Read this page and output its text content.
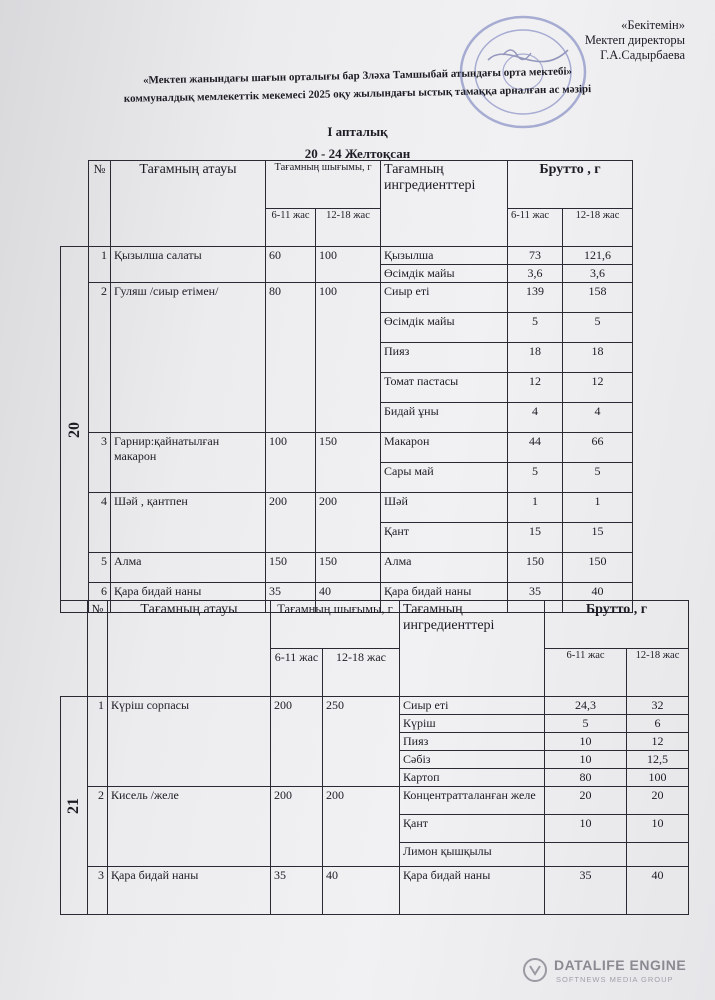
«Бекітемін»
Мектеп директоры
Г.А.Садырбаева
«Мектеп жанындағы шағын орталығы бар Зләха Тамшыбай атындағы орта мектебі»
коммуналдық мемлекеттік мекемесі 2025 оқу жылындағы ыстық тамаққа арналған ас мәзірі
І апталық
20 - 24 Желтоқсан
	№	Тағамның атауы	Тағамның шығымы, г		Тағамның ингредиенттері	Брутто , г	
			6-11 жас	12-18 жас		6-11 жас	12-18 жас
20	1	Қызылша салаты	60	100	Қызылша	73	121,6
					Өсімдік майы	3,6	3,6
	2	Гуляш /сиыр етімен/	80	100	Сиыр еті	139	158
					Өсімдік майы	5	5
					Пияз	18	18
					Томат пастасы	12	12
					Бидай ұны	4	4
	3	Гарнир:қайнатылған макарон	100	150	Макарон	44	66
					Сары май	5	5
	4	Шәй , қантпен	200	200	Шәй	1	1
					Қант	15	15
	5	Алма	150	150	Алма	150	150
	6	Қара бидай наны	35	40	Қара бидай наны	35	40
	№	Тағамның атауы	Тағамның шығымы, г		Тағамның ингредиенттері	Брутто , г	
			6-11 жас	12-18 жас		6-11 жас	12-18 жас
21	1	Күріш сорпасы	200	250	Сиыр еті	24,3	32
					Күріш	5	6
					Пияз	10	12
					Сәбіз	10	12,5
					Картоп	80	100
	2	Кисель /желе	200	200	Концентратталанған желе	20	20
					Қант	10	10
					Лимон қышқылы		
	3	Қара бидай наны	35	40	Қара бидай наны	35	40
DATALIFE ENGINE
SOFTNEWS MEDIA GROUP
